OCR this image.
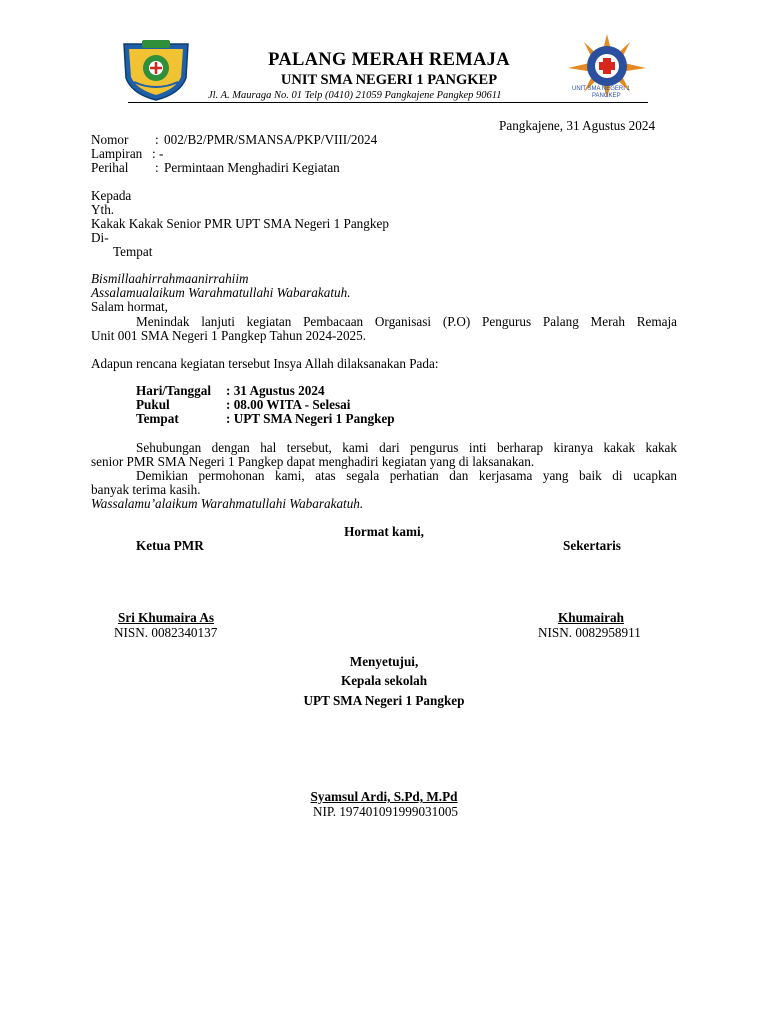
PALANG MERAH REMAJA
UNIT SMA NEGERI 1 PANGKEP
Jl. A. Mauraga No. 01 Telp (0410) 21059 Pangkajene Pangkep 90611
UNIT SMA NEGERI 1
PANGKEP
Pangkajene, 31 Agustus 2024
Nomor : 002/B2/PMR/SMANSA/PKP/VIII/2024
Lampiran : -
Perihal : Permintaan Menghadiri Kegiatan
Kepada
Yth.
Kakak Kakak Senior PMR UPT SMA Negeri 1 Pangkep
Di-
Tempat
Bismillaahirrahmaanirrahiim
Assalamualaikum Warahmatullahi Wabarakatuh.
Salam hormat,
Menindak lanjuti kegiatan Pembacaan Organisasi (P.O) Pengurus Palang Merah Remaja
Unit 001 SMA Negeri 1 Pangkep Tahun 2024-2025.
Adapun rencana kegiatan tersebut Insya Allah dilaksanakan Pada:
Hari/Tanggal : 31 Agustus 2024
Pukul	: 08.00 WITA - Selesai
Tempat	: UPT SMA Negeri 1 Pangkep
Sehubungan dengan hal tersebut, kami dari pengurus inti berharap kiranya kakak kakak
senior PMR SMA Negeri 1 Pangkep dapat menghadiri kegiatan yang di laksanakan.
Demikian permohonan kami, atas segala perhatian dan kerjasama yang baik di ucapkan
banyak terima kasih.
Wassalamu’alaikum Warahmatullahi Wabarakatuh.
Hormat kami,
Ketua PMR	Sekertaris
Sri Khumaira As
NISN. 0082340137
Khumairah
NISN. 0082958911
Menyetujui,
Kepala sekolah
UPT SMA Negeri 1 Pangkep
Syamsul Ardi, S.Pd, M.Pd
NIP. 197401091999031005
